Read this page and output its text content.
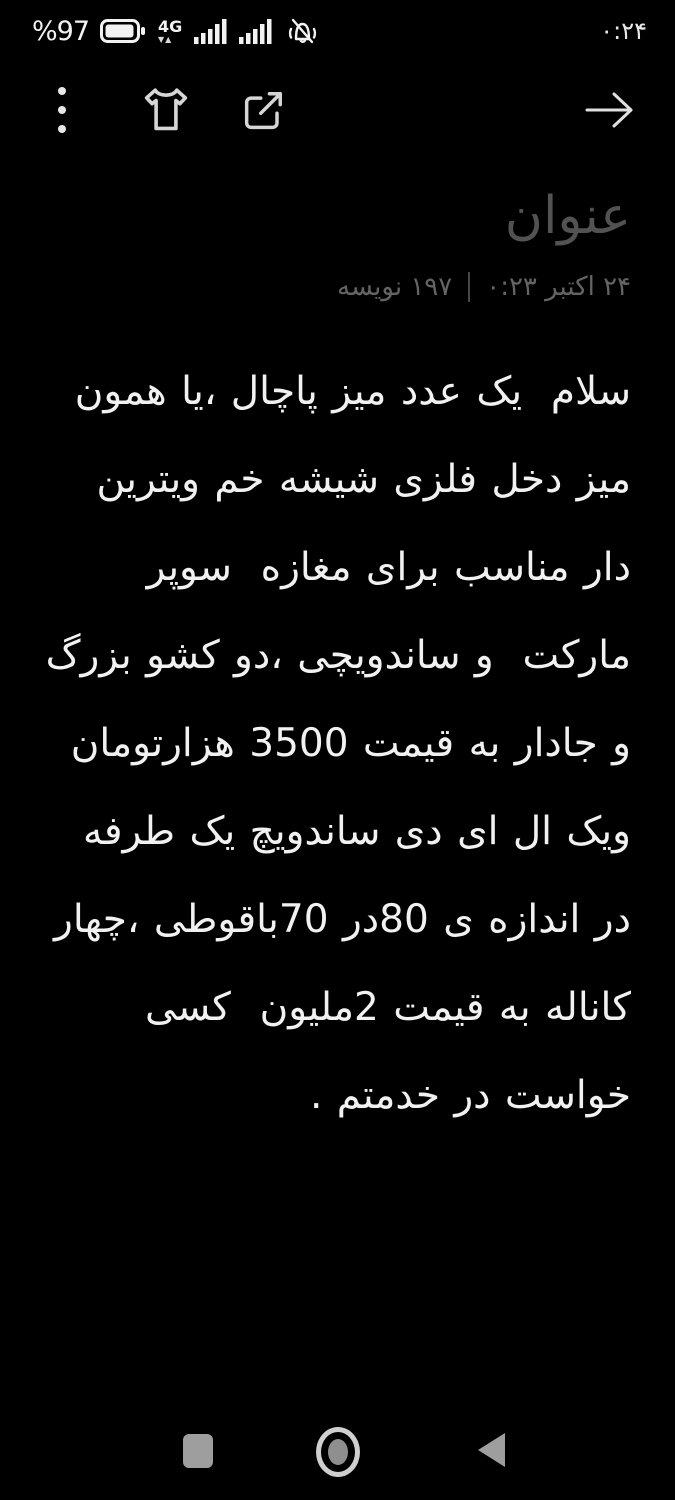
%97	4G
▼▲	۰:۲۴
عنوان
۲۴ اکتبر ۰:۲۳
۱۹۷ نویسه

سلام  یک عدد میز پاچال ،یا همون میز دخل فلزی شیشه خم ویترین دار مناسب برای مغازه  سوپر مارکت  و ساندویچی ،دو کشو بزرگ و جادار به قیمت 3500 هزارتومان ویک ال ای دی ساندویچ یک طرفه  در اندازه ی 80در 70باقوطی ،چهار کاناله به قیمت 2ملیون  کسی خواست در خدمتم .
